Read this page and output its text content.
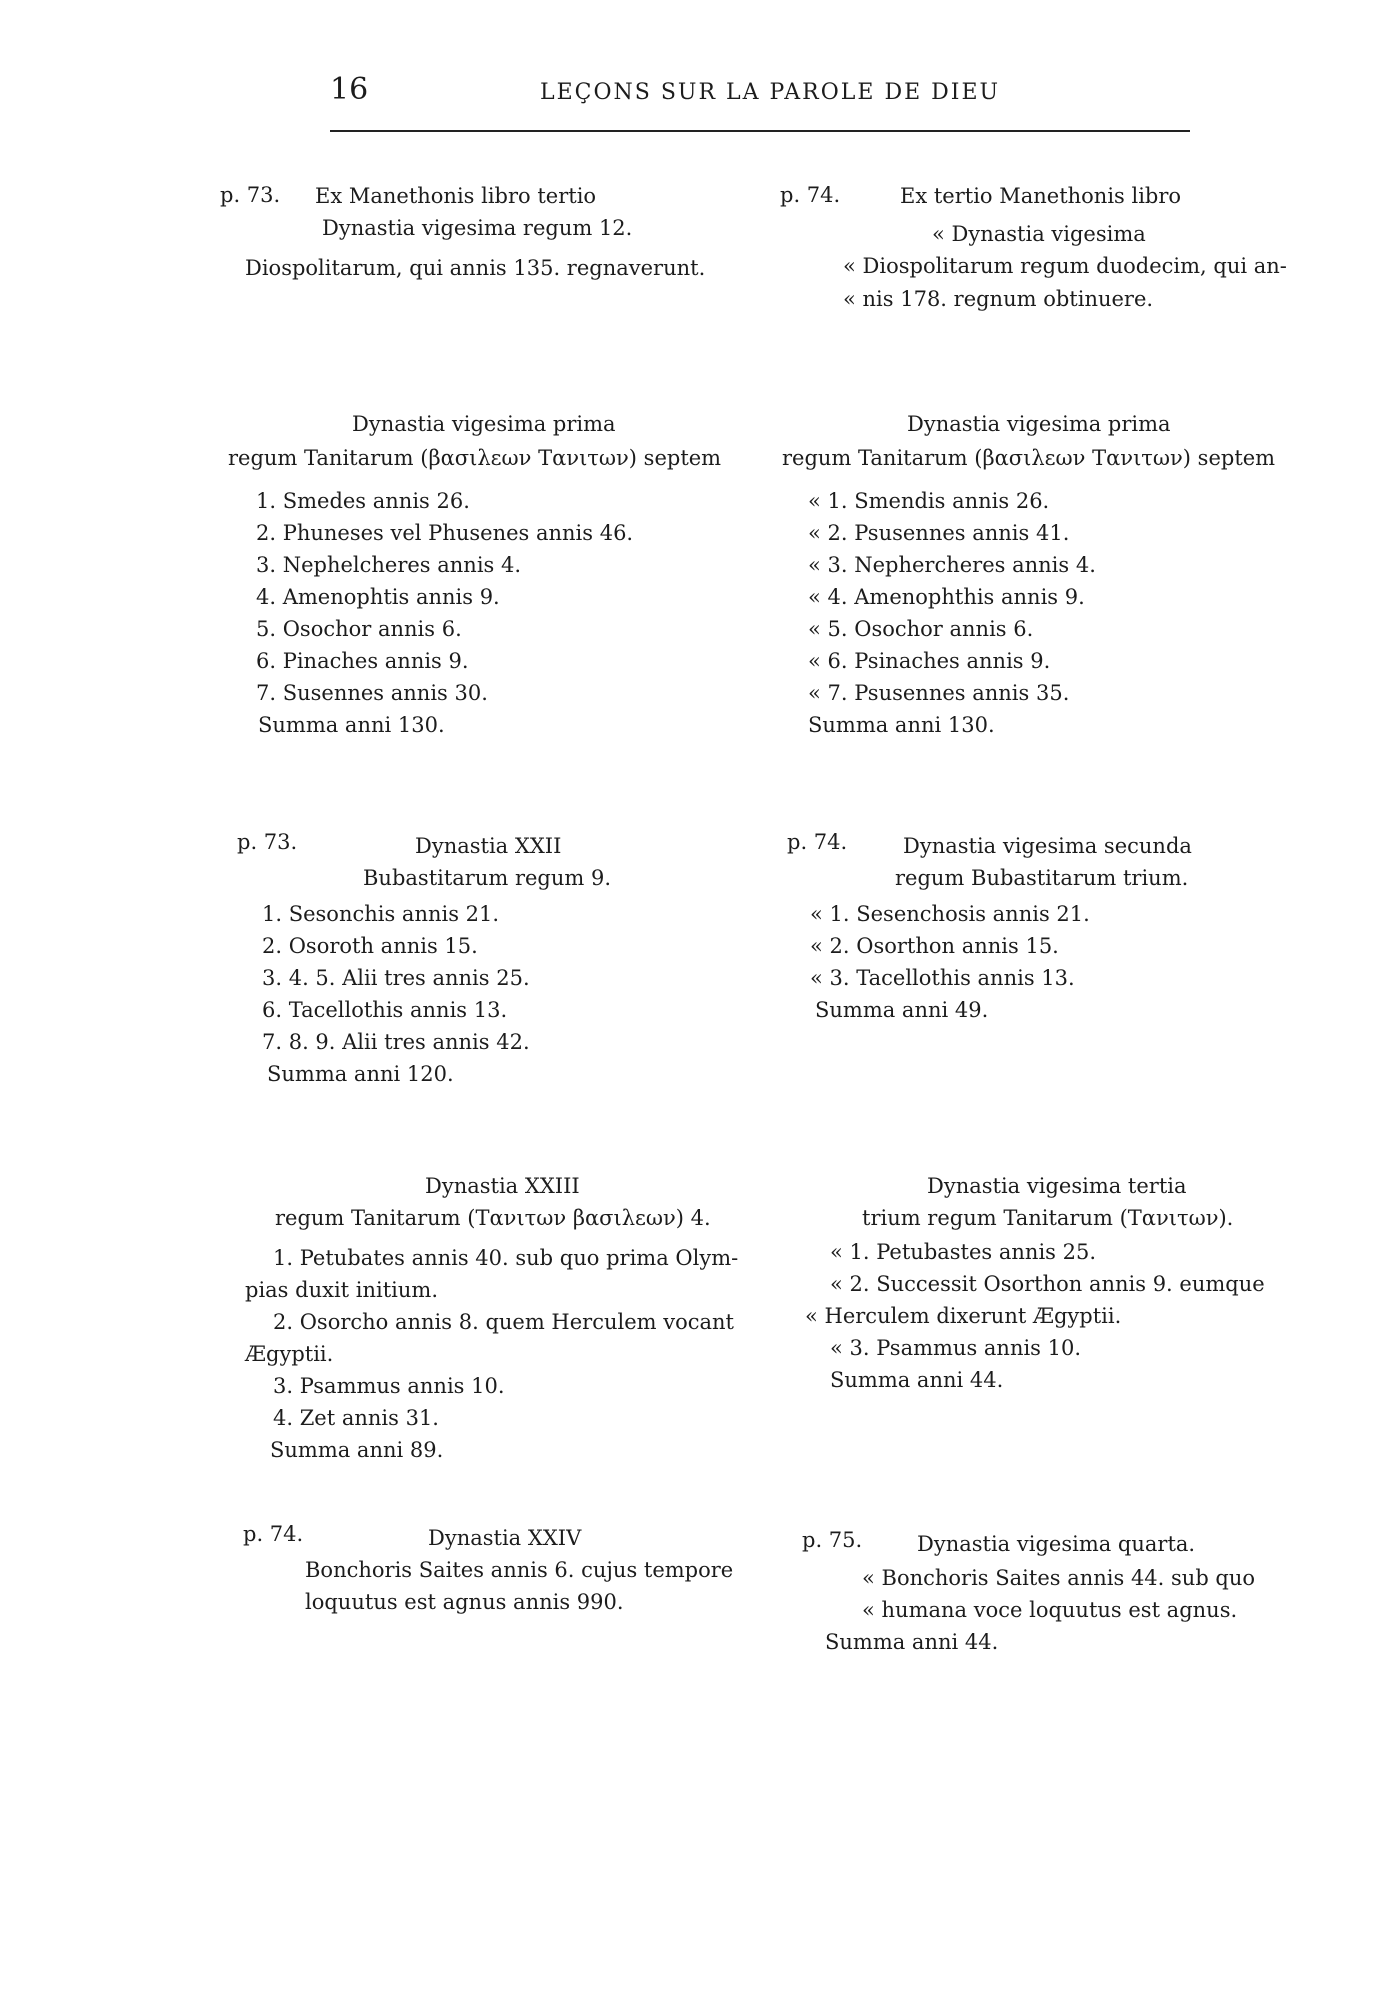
16	LEÇONS SUR LA PAROLE DE DIEU
p. 73. Ex Manethonis libro tertio
Dynastia vigesima regum 12.
Diospolitarum, qui annis 135. regnaverunt.
p. 74.	Ex tertio Manethonis libro
« Dynastia vigesima
« Diospolitarum regum duodecim, qui an-
« nis 178. regnum obtinuere.
Dynastia vigesima prima
regum Tanitarum (βασιλεων Τανιτων) septem
1. Smedes annis 26.
2. Phuneses vel Phusenes annis 46.
3. Nephelcheres annis 4.
4. Amenophtis annis 9.
5. Osochor annis 6.
6. Pinaches annis 9.
7. Susennes annis 30.
Summa anni 130.
Dynastia vigesima prima
regum Tanitarum (βασιλεων Τανιτων) septem
« 1. Smendis annis 26.
« 2. Psusennes annis 41.
« 3. Nephercheres annis 4.
« 4. Amenophthis annis 9.
« 5. Osochor annis 6.
« 6. Psinaches annis 9.
« 7. Psusennes annis 35.
Summa anni 130.
p. 73.	Dynastia XXII
Bubastitarum regum 9.
1. Sesonchis annis 21.
2. Osoroth annis 15.
3. 4. 5. Alii tres annis 25.
6. Tacellothis annis 13.
7. 8. 9. Alii tres annis 42.
Summa anni 120.
p. 74.	Dynastia vigesima secunda
regum Bubastitarum trium.
« 1. Sesenchosis annis 21.
« 2. Osorthon annis 15.
« 3. Tacellothis annis 13.
Summa anni 49.
Dynastia XXIII
regum Tanitarum (Τανιτων βασιλεων) 4.
1. Petubates annis 40. sub quo prima Olym-
pias duxit initium.
2. Osorcho annis 8. quem Herculem vocant
Ægyptii.
3. Psammus annis 10.
4. Zet annis 31.
Summa anni 89.
Dynastia vigesima tertia
trium regum Tanitarum (Τανιτων).
« 1. Petubastes annis 25.
« 2. Successit Osorthon annis 9. eumque
« Herculem dixerunt Ægyptii.
« 3. Psammus annis 10.
Summa anni 44.
p. 74.	Dynastia XXIV
Bonchoris Saites annis 6. cujus tempore
loquutus est agnus annis 990.
p. 75.	Dynastia vigesima quarta.
« Bonchoris Saites annis 44. sub quo
« humana voce loquutus est agnus.
Summa anni 44.
